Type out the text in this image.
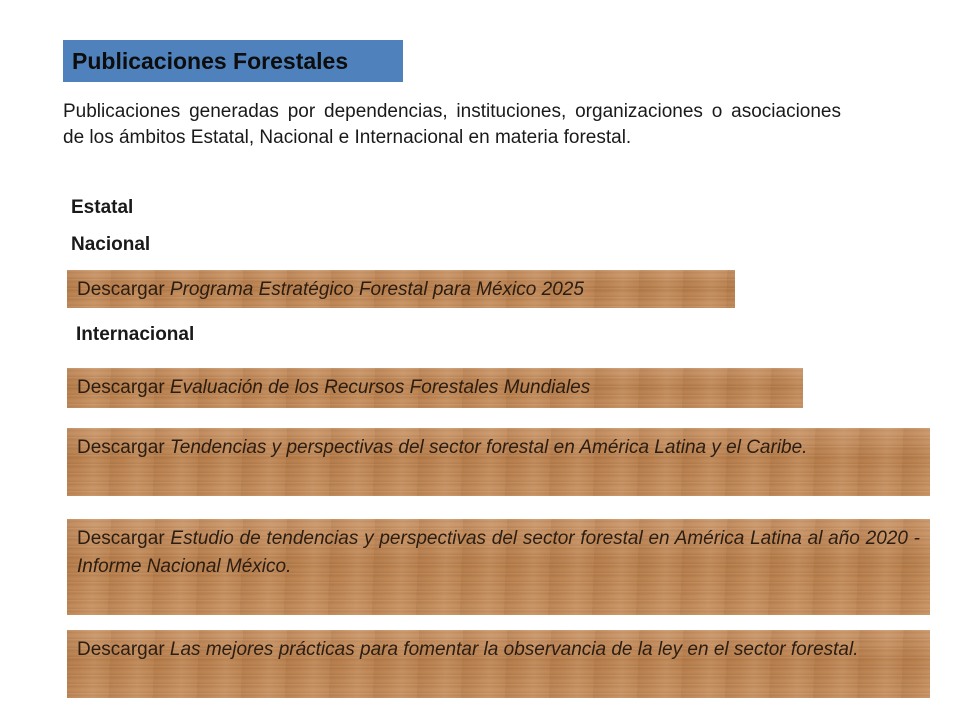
Publicaciones Forestales
Publicaciones generadas por dependencias, instituciones, organizaciones o asociaciones de los ámbitos Estatal, Nacional e Internacional en materia forestal.
Estatal
Nacional
Descargar Programa Estratégico Forestal para México 2025
Internacional
Descargar Evaluación de los Recursos Forestales Mundiales
Descargar Tendencias y perspectivas del sector forestal en América Latina y el Caribe.
Descargar Estudio de tendencias y perspectivas del sector forestal en América Latina al año 2020 - Informe Nacional México.
Descargar Las mejores prácticas para fomentar la observancia de la ley en el sector forestal.
